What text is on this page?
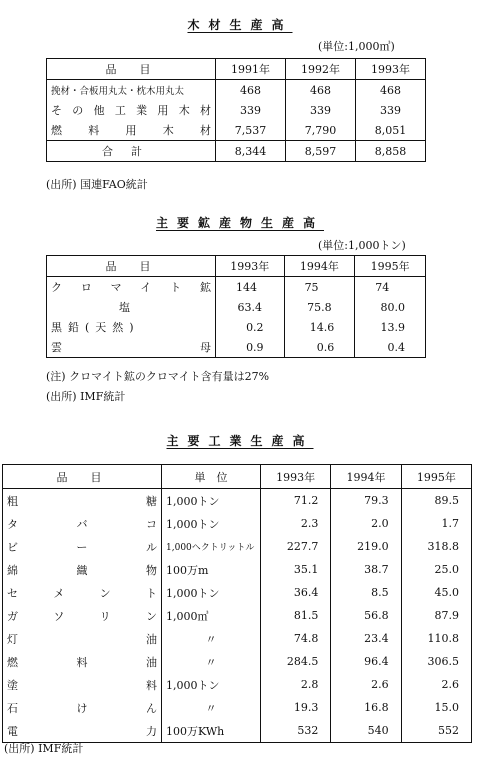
木材生産高
(単位:1,000㎥)
品　目	1991年	1992年	1993年
挽材・合板用丸太・枕木用丸太	468	468	468
その他工業用木材	339	339	339
燃料用木材	7,537	7,790	8,051
合計	8,344	8,597	8,858
(出所) 国連FAO統計
主要鉱産物生産高
(単位:1,000トン)
品　目	1993年	1994年	1995年
クロマイト鉱	144	75	74
塩	63.4	75.8	80.0
黒鉛(天然)	0.2	14.6	13.9
雲母	0.9	0.6	0.4
(注) クロマイト鉱のクロマイト含有量は27%
(出所) IMF統計
主要工業生産高
品　目	単　位	1993年	1994年	1995年
粗糖	1,000トン	71.2	79.3	89.5
タバコ	1,000トン	2.3	2.0	1.7
ビール	1,000ヘクトリットル	227.7	219.0	318.8
綿織物	100万m	35.1	38.7	25.0
セメント	1,000トン	36.4	8.5	45.0
ガソリン	1,000㎥	81.5	56.8	87.9
灯油	〃	74.8	23.4	110.8
燃料油	〃	284.5	96.4	306.5
塗料	1,000トン	2.8	2.6	2.6
石けん	〃	19.3	16.8	15.0
電力	100万KWh	532	540	552
(出所) IMF統計
